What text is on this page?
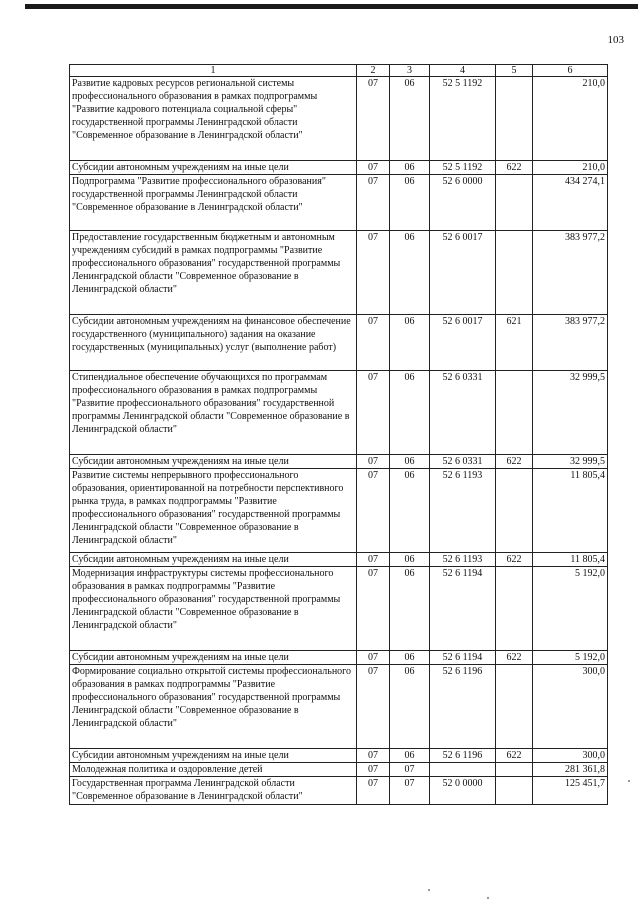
103
1	2	3	4	5	6
Развитие кадровых ресурсов региональной системы профессионального образования в рамках подпрограммы "Развитие кадрового потенциала социальной сферы" государственной программы Ленинградской области "Современное образование в Ленинградской области"	07	06	52 5 1192		210,0
Субсидии автономным учреждениям на иные цели	07	06	52 5 1192	622	210,0
Подпрограмма "Развитие профессионального образования" государственной программы Ленинградской области "Современное образование в Ленинградской области"	07	06	52 6 0000		434 274,1
Предоставление государственным бюджетным и автономным учреждениям субсидий в рамках подпрограммы "Развитие профессионального образования" государственной программы Ленинградской области "Современное образование в Ленинградской области"	07	06	52 6 0017		383 977,2
Субсидии автономным учреждениям на финансовое обеспечение государственного (муниципального) задания на оказание государственных (муниципальных) услуг (выполнение работ)	07	06	52 6 0017	621	383 977,2
Стипендиальное обеспечение обучающихся по программам профессионального образования в рамках подпрограммы "Развитие профессионального образования" государственной программы Ленинградской области "Современное образование в Ленинградской области"	07	06	52 6 0331		32 999,5
Субсидии автономным учреждениям на иные цели	07	06	52 6 0331	622	32 999,5
Развитие системы непрерывного профессионального образования, ориентированной на потребности перспективного рынка труда, в рамках подпрограммы "Развитие профессионального образования" государственной программы Ленинградской области "Современное образование в Ленинградской области"	07	06	52 6 1193		11 805,4
Субсидии автономным учреждениям на иные цели	07	06	52 6 1193	622	11 805,4
Модернизация инфраструктуры системы профессионального образования в рамках подпрограммы "Развитие профессионального образования" государственной программы Ленинградской области "Современное образование в Ленинградской области"	07	06	52 6 1194		5 192,0
Субсидии автономным учреждениям на иные цели	07	06	52 6 1194	622	5 192,0
Формирование социально открытой системы профессионального образования в рамках подпрограммы "Развитие профессионального образования" государственной программы Ленинградской области "Современное образование в Ленинградской области"	07	06	52 6 1196		300,0
Субсидии автономным учреждениям на иные цели	07	06	52 6 1196	622	300,0
Молодежная политика и оздоровление детей	07	07			281 361,8
Государственная программа Ленинградской области "Современное образование в Ленинградской области"	07	07	52 0 0000		125 451,7
